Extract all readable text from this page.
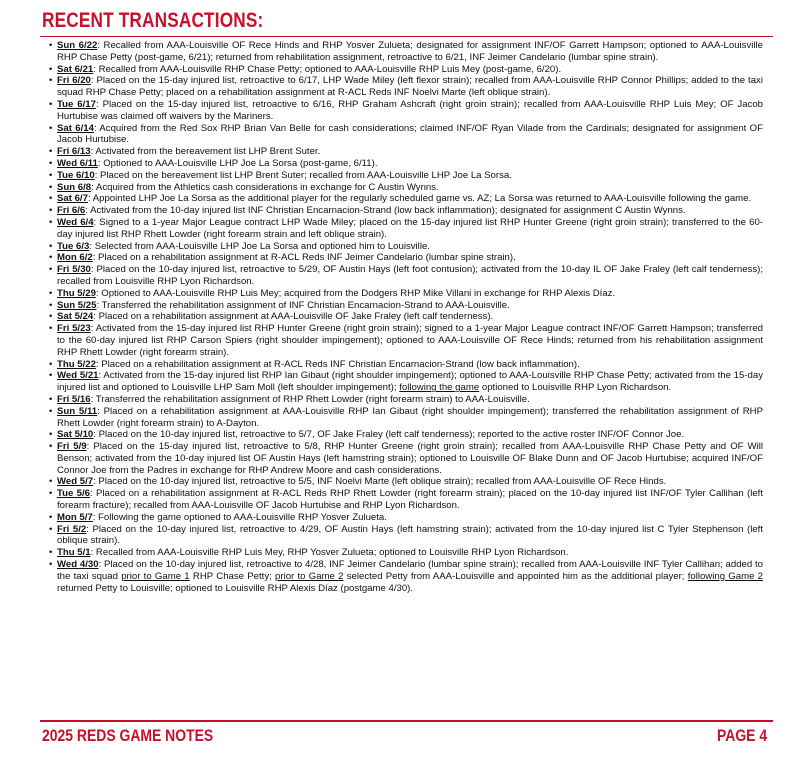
RECENT TRANSACTIONS:
• Sun 6/22: Recalled from AAA-Louisville OF Rece Hinds and RHP Yosver Zulueta; designated for assignment INF/OF Garrett Hampson; optioned to AAA-Louisville RHP Chase Petty (post-game, 6/21); returned from rehabilitation assignment, retroactive to 6/21, INF Jeimer Candelario (lumbar spine strain).
• Sat 6/21: Recalled from AAA-Louisville RHP Chase Petty; optioned to AAA-Louisville RHP Luis Mey (post-game, 6/20).
• Fri 6/20: Placed on the 15-day injured list, retroactive to 6/17, LHP Wade Miley (left flexor strain); recalled from AAA-Louisville RHP Connor Phillips; added to the taxi squad RHP Chase Petty; placed on a rehabilitation assignment at R-ACL Reds INF Noelvi Marte (left oblique strain).
• Tue 6/17: Placed on the 15-day injured list, retroactive to 6/16, RHP Graham Ashcraft (right groin strain); recalled from AAA-Louisville RHP Luis Mey; OF Jacob Hurtubise was claimed off waivers by the Mariners.
• Sat 6/14: Acquired from the Red Sox RHP Brian Van Belle for cash considerations; claimed INF/OF Ryan Vilade from the Cardinals; designated for assignment OF Jacob Hurtubise.
• Fri 6/13: Activated from the bereavement list LHP Brent Suter.
• Wed 6/11: Optioned to AAA-Louisville LHP Joe La Sorsa (post-game, 6/11).
• Tue 6/10: Placed on the bereavement list LHP Brent Suter; recalled from AAA-Louisville LHP Joe La Sorsa.
• Sun 6/8: Acquired from the Athletics cash considerations in exchange for C Austin Wynns.
• Sat 6/7: Appointed LHP Joe La Sorsa as the additional player for the regularly scheduled game vs. AZ; La Sorsa was returned to AAA-Louisville following the game.
• Fri 6/6: Activated from the 10-day injured list INF Christian Encarnacion-Strand (low back inflammation); designated for assignment C Austin Wynns.
• Wed 6/4: Signed to a 1-year Major League contract LHP Wade Miley; placed on the 15-day injured list RHP Hunter Greene (right groin strain); transferred to the 60-day injured list RHP Rhett Lowder (right forearm strain and left oblique strain).
• Tue 6/3: Selected from AAA-Louisville LHP Joe La Sorsa and optioned him to Louisville.
• Mon 6/2: Placed on a rehabilitation assignment at R-ACL Reds INF Jeimer Candelario (lumbar spine strain).
• Fri 5/30: Placed on the 10-day injured list, retroactive to 5/29, OF Austin Hays (left foot contusion); activated from the 10-day IL OF Jake Fraley (left calf tenderness); recalled from Louisville RHP Lyon Richardson.
• Thu 5/29: Optioned to AAA-Louisville RHP Luis Mey; acquired from the Dodgers RHP Mike Villani in exchange for RHP Alexis Díaz.
• Sun 5/25: Transferred the rehabilitation assignment of INF Christian Encarnacion-Strand to AAA-Louisville.
• Sat 5/24: Placed on a rehabilitation assignment at AAA-Louisville OF Jake Fraley (left calf tenderness).
• Fri 5/23: Activated from the 15-day injured list RHP Hunter Greene (right groin strain); signed to a 1-year Major League contract INF/OF Garrett Hampson; transferred to the 60-day injured list RHP Carson Spiers (right shoulder impingement); optioned to AAA-Louisville OF Rece Hinds; returned from his rehabilitation assignment RHP Rhett Lowder (right forearm strain).
• Thu 5/22: Placed on a rehabilitation assignment at R-ACL Reds INF Christian Encarnacion-Strand (low back inflammation).
• Wed 5/21: Activated from the 15-day injured list RHP Ian Gibaut (right shoulder impingement); optioned to AAA-Louisville RHP Chase Petty; activated from the 15-day injured list and optioned to Louisville LHP Sam Moll (left shoulder impingement); following the game optioned to Louisville RHP Lyon Richardson.
• Fri 5/16: Transferred the rehabilitation assignment of RHP Rhett Lowder (right forearm strain) to AAA-Louisville.
• Sun 5/11: Placed on a rehabilitation assignment at AAA-Louisville RHP Ian Gibaut (right shoulder impingement); transferred the rehabilitation assignment of RHP Rhett Lowder (right forearm strain) to A-Dayton.
• Sat 5/10: Placed on the 10-day injured list, retroactive to 5/7, OF Jake Fraley (left calf tenderness); reported to the active roster INF/OF Connor Joe.
• Fri 5/9: Placed on the 15-day injured list, retroactive to 5/8, RHP Hunter Greene (right groin strain); recalled from AAA-Louisville RHP Chase Petty and OF Will Benson; activated from the 10-day injured list OF Austin Hays (left hamstring strain); optioned to Louisville OF Blake Dunn and OF Jacob Hurtubise; acquired INF/OF Connor Joe from the Padres in exchange for RHP Andrew Moore and cash considerations.
• Wed 5/7: Placed on the 10-day injured list, retroactive to 5/5, INF Noelvi Marte (left oblique strain); recalled from AAA-Louisville OF Rece Hinds.
• Tue 5/6: Placed on a rehabilitation assignment at R-ACL Reds RHP Rhett Lowder (right forearm strain); placed on the 10-day injured list INF/OF Tyler Callihan (left forearm fracture); recalled from AAA-Louisville OF Jacob Hurtubise and RHP Lyon Richardson.
• Mon 5/7: Following the game optioned to AAA-Louisville RHP Yosver Zulueta.
• Fri 5/2: Placed on the 10-day injured list, retroactive to 4/29, OF Austin Hays (left hamstring strain); activated from the 10-day injured list C Tyler Stephenson (left oblique strain).
• Thu 5/1: Recalled from AAA-Louisville RHP Luis Mey, RHP Yosver Zulueta; optioned to Louisville RHP Lyon Richardson.
• Wed 4/30: Placed on the 10-day injured list, retroactive to 4/28, INF Jeimer Candelario (lumbar spine strain); recalled from AAA-Louisville INF Tyler Callihan; added to the taxi squad prior to Game 1 RHP Chase Petty; prior to Game 2 selected Petty from AAA-Louisville and appointed him as the additional player; following Game 2 returned Petty to Louisville; optioned to Louisville RHP Alexis Díaz (postgame 4/30).
2025 REDS GAME NOTES	PAGE 4
